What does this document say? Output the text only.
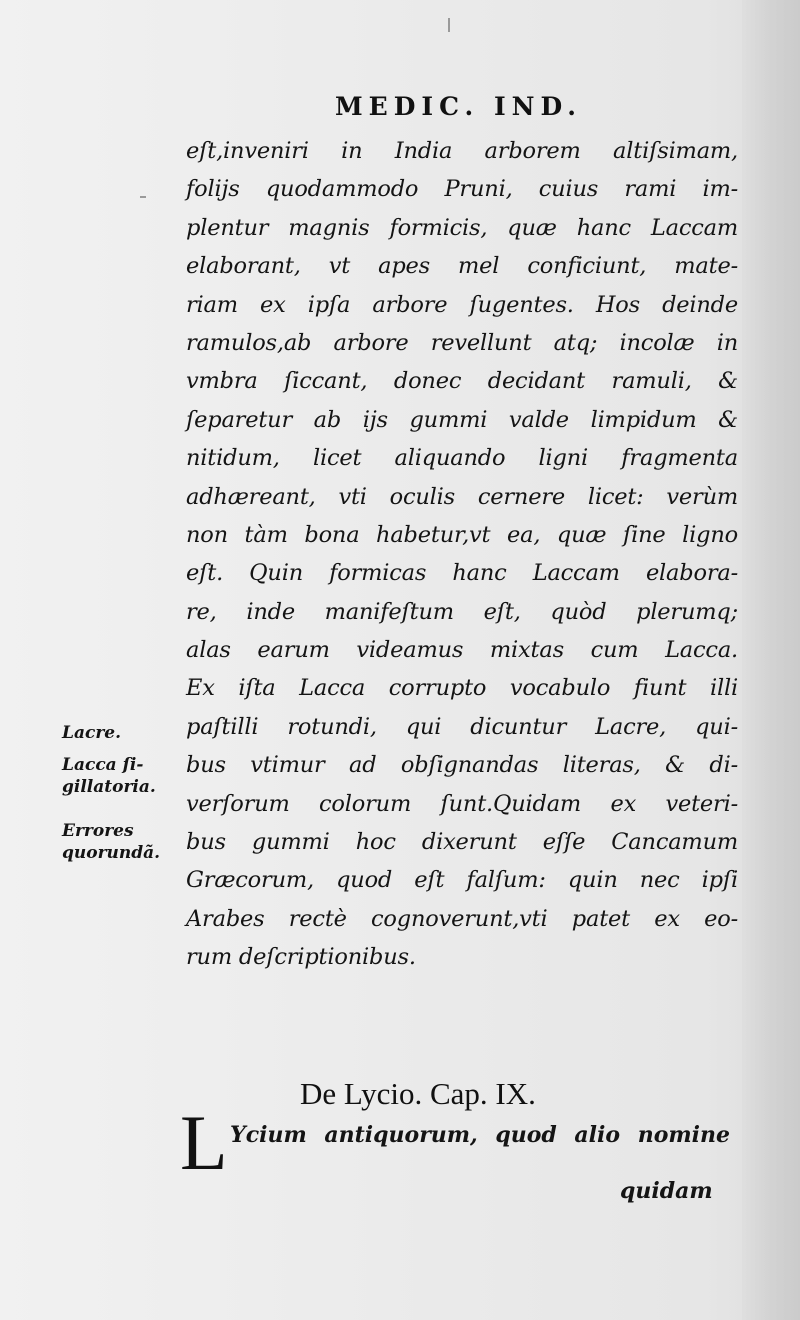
MEDIC. IND.
eſt,inveniri in India arborem altiſsimam,
folijs quodammodo Pruni, cuius rami im-
plentur magnis formicis, quæ hanc Laccam
elaborant, vt apes mel conficiunt, mate-
riam ex ipſa arbore ſugentes. Hos deinde
ramulos,ab arbore revellunt atq; incolæ in
vmbra ſiccant, donec decidant ramuli, &
ſeparetur ab ijs gummi valde limpidum &
nitidum, licet aliquando ligni fragmenta
adhæreant, vti oculis cernere licet: verùm
non tàm bona habetur,vt ea, quæ ſine ligno
eſt. Quin formicas hanc Laccam elabora-
re, inde manifeſtum eſt, quòd plerumq;
alas earum videamus mixtas cum Lacca.
Ex iſta Lacca corrupto vocabulo fiunt illi
paſtilli rotundi, qui dicuntur Lacre, qui-
bus vtimur ad obſignandas literas, & di-
verſorum colorum ſunt.Quidam ex veteri-
bus gummi hoc dixerunt eſſe Cancamum
Græcorum, quod eſt falſum: quin nec ipſi
Arabes rectè cognoverunt,vti patet ex eo-
rum deſcriptionibus.
Lacre.
Lacca ſi-
gillatoria.
Errores
quorundã.
De Lycio. Cap. IX.
L Ycium antiquorum, quod alio nomine
quidam
